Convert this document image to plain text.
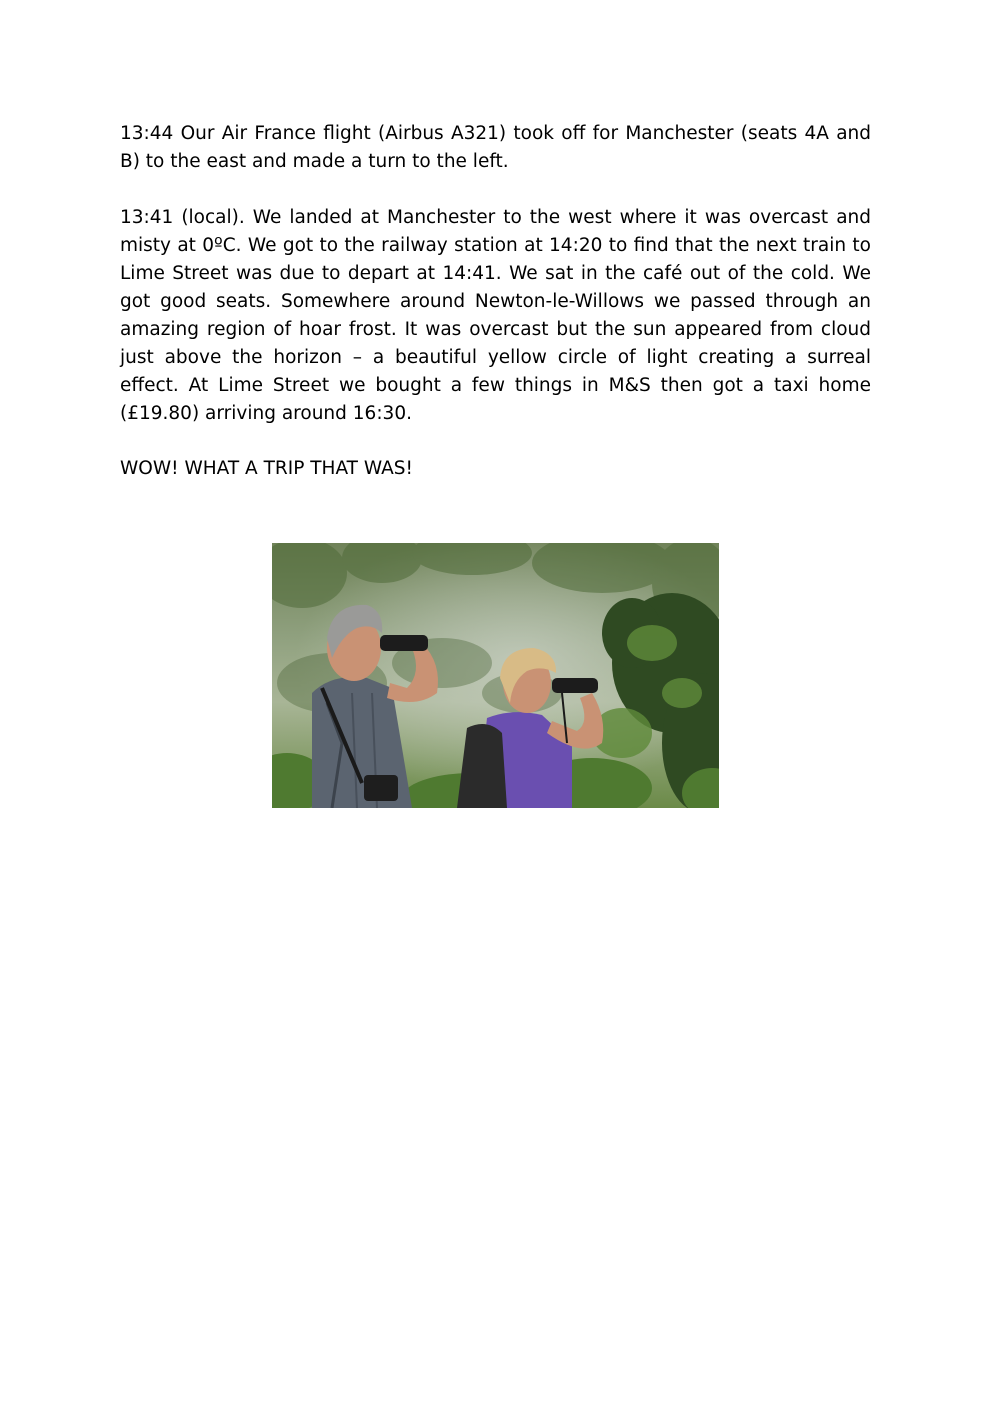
13:44 Our Air France flight (Airbus A321) took off for Manchester (seats 4A and B) to the east and made a turn to the left.

13:41 (local). We landed at Manchester to the west where it was overcast and misty at 0ºC. We got to the railway station at 14:20 to find that the next train to Lime Street was due to depart at 14:41. We sat in the café out of the cold. We got good seats. Somewhere around Newton-le-Willows we passed through an amazing region of hoar frost. It was overcast but the sun appeared from cloud just above the horizon – a beautiful yellow circle of light creating a surreal effect. At Lime Street we bought a few things in M&S then got a taxi home (£19.80) arriving around 16:30.

WOW! WHAT A TRIP THAT WAS!
